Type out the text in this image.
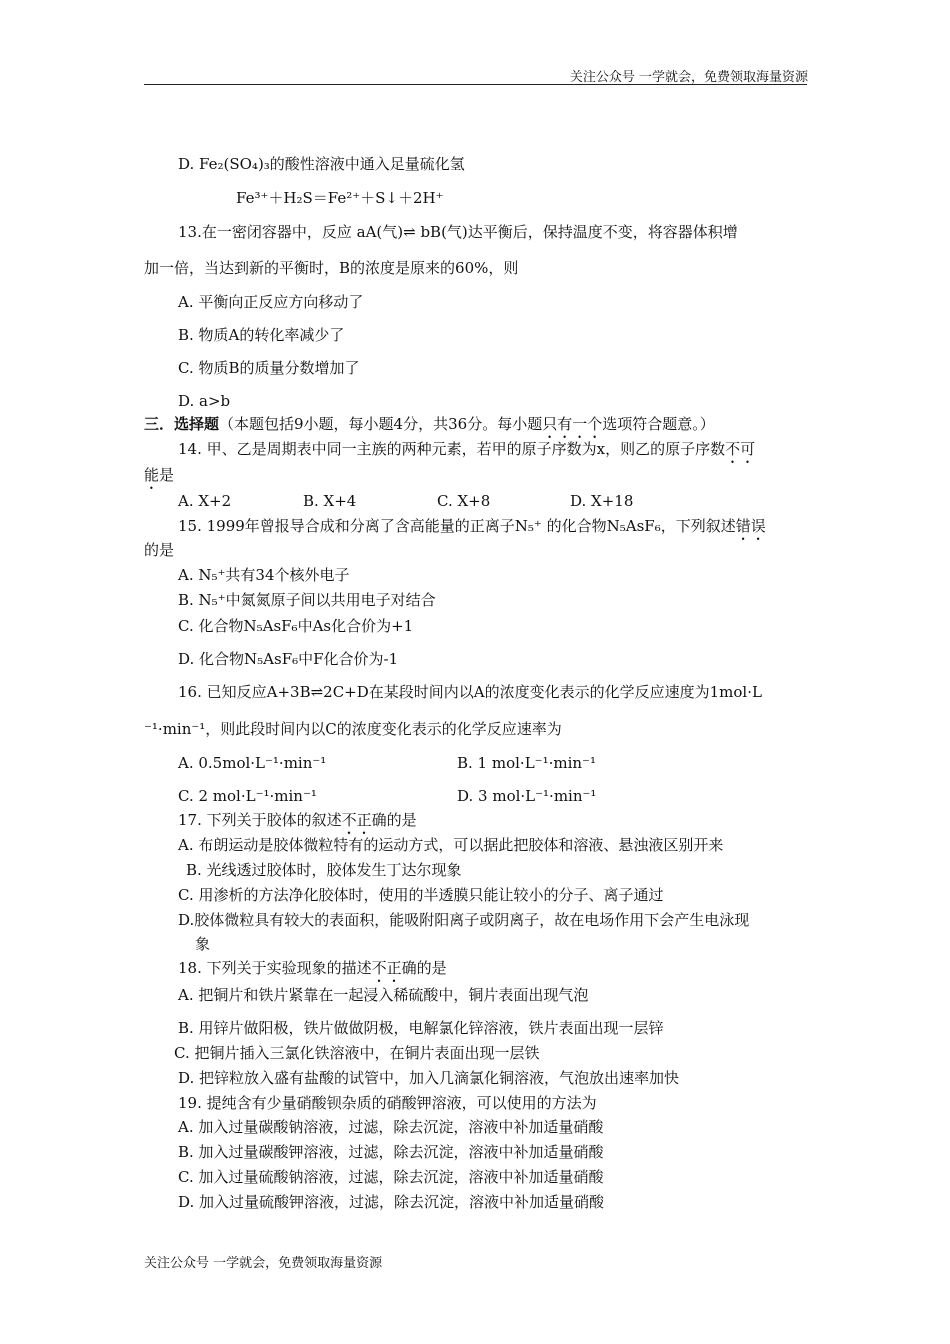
关注公众号 一学就会，免费领取海量资源
D. Fe₂(SO₄)₃的酸性溶液中通入足量硫化氢
Fe³⁺＋H₂S＝Fe²⁺＋S↓＋2H⁺
13.在一密闭容器中，反应 aA(气)⇌ bB(气)达平衡后，保持温度不变，将容器体积增
加一倍，当达到新的平衡时，B的浓度是原来的60%，则
A. 平衡向正反应方向移动了
B. 物质A的转化率减少了
C. 物质B的质量分数增加了
D. a>b
三．选择题（本题包括9小题，每小题4分，共36分。每小题只有一个选项符合题意。）
14. 甲、乙是周期表中同一主族的两种元素，若甲的原子序数为x，则乙的原子序数不可
能是
A. X+2	B. X+4	C. X+8	D. X+18
15. 1999年曾报导合成和分离了含高能量的正离子N₅⁺ 的化合物N₅AsF₆，下列叙述错误
的是
A. N₅⁺共有34个核外电子
B. N₅⁺中氮氮原子间以共用电子对结合
C. 化合物N₅AsF₆中As化合价为+1
D. 化合物N₅AsF₆中F化合价为-1
16. 已知反应A+3B⇌2C+D在某段时间内以A的浓度变化表示的化学反应速度为1mol·L
⁻¹·min⁻¹，则此段时间内以C的浓度变化表示的化学反应速率为
A. 0.5mol·L⁻¹·min⁻¹	B. 1 mol·L⁻¹·min⁻¹
C. 2 mol·L⁻¹·min⁻¹	D. 3 mol·L⁻¹·min⁻¹
17. 下列关于胶体的叙述不正确的是
A. 布朗运动是胶体微粒特有的运动方式，可以据此把胶体和溶液、悬浊液区别开来
B. 光线透过胶体时，胶体发生丁达尔现象
C. 用渗析的方法净化胶体时，使用的半透膜只能让较小的分子、离子通过
D.胶体微粒具有较大的表面积，能吸附阳离子或阴离子，故在电场作用下会产生电泳现
象
18. 下列关于实验现象的描述不正确的是
A. 把铜片和铁片紧靠在一起浸入稀硫酸中，铜片表面出现气泡
B. 用锌片做阳极，铁片做做阴极，电解氯化锌溶液，铁片表面出现一层锌
C. 把铜片插入三氯化铁溶液中，在铜片表面出现一层铁
D. 把锌粒放入盛有盐酸的试管中，加入几滴氯化铜溶液，气泡放出速率加快
19. 提纯含有少量硝酸钡杂质的硝酸钾溶液，可以使用的方法为
A. 加入过量碳酸钠溶液，过滤，除去沉淀，溶液中补加适量硝酸
B. 加入过量碳酸钾溶液，过滤，除去沉淀，溶液中补加适量硝酸
C. 加入过量硫酸钠溶液，过滤，除去沉淀，溶液中补加适量硝酸
D. 加入过量硫酸钾溶液，过滤，除去沉淀，溶液中补加适量硝酸
关注公众号 一学就会，免费领取海量资源
